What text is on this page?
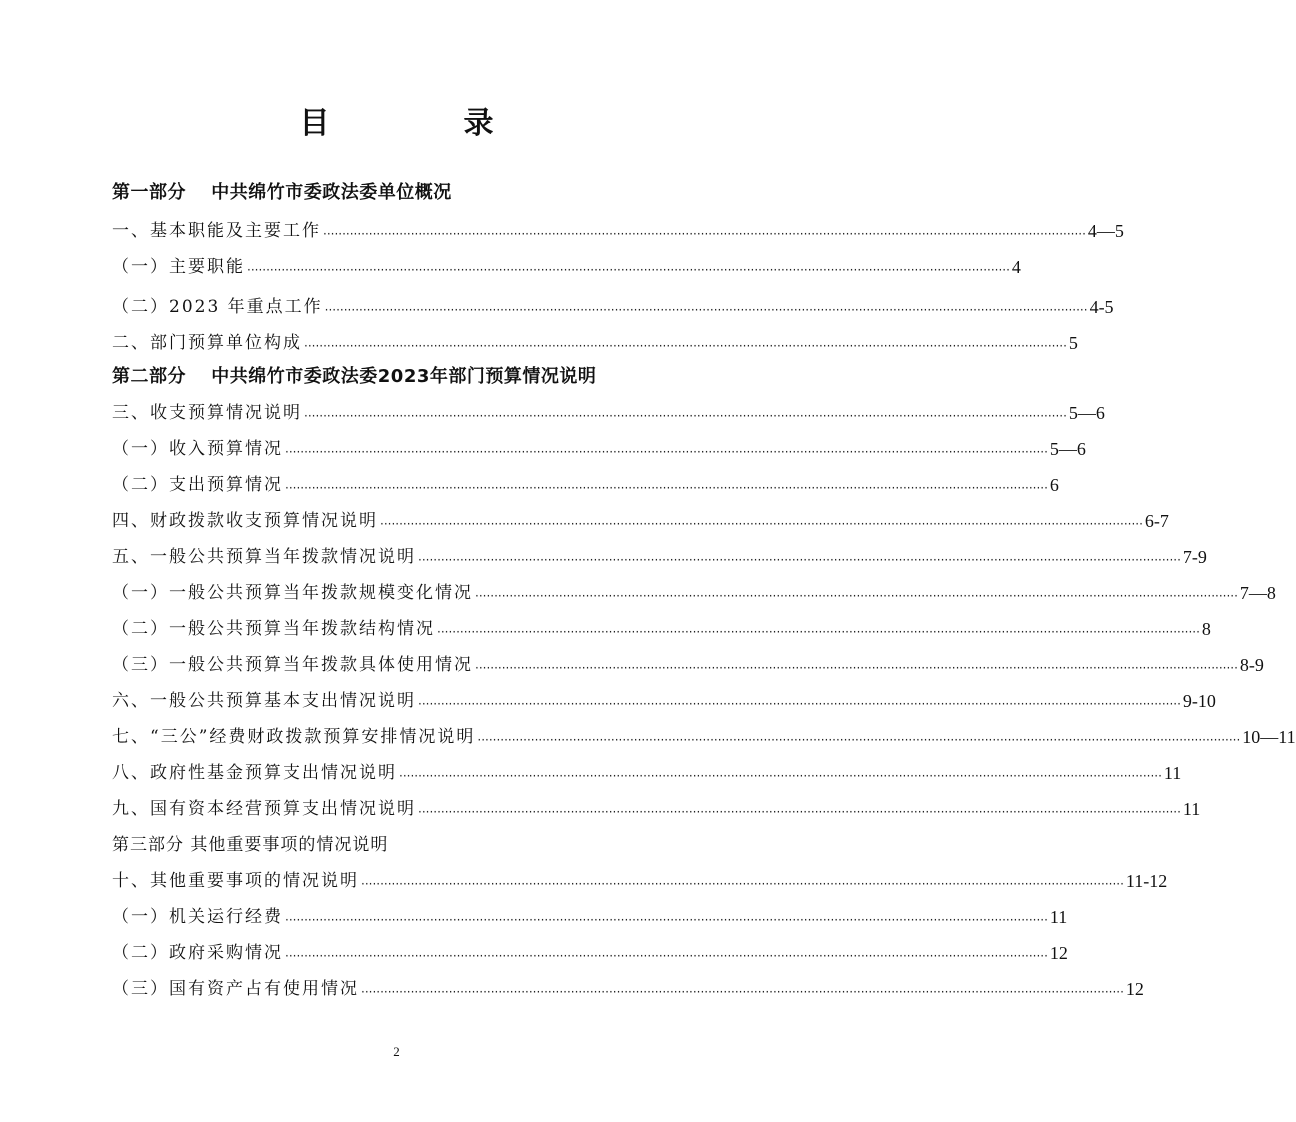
目　录
第一部分　 中共绵竹市委政法委单位概况
一、基本职能及主要工作 ········································································································································································································ 4—5
（一）主要职能 ········································································································································································································ 4
（二）2023 年重点工作 ········································································································································································································ 4-5
二、部门预算单位构成 ········································································································································································································ 5
第二部分　 中共绵竹市委政法委2023年部门预算情况说明
三、收支预算情况说明 ········································································································································································································ 5—6
（一）收入预算情况 ········································································································································································································ 5—6
（二）支出预算情况 ········································································································································································································ 6
四、财政拨款收支预算情况说明 ········································································································································································································ 6-7
五、一般公共预算当年拨款情况说明 ········································································································································································································ 7-9
（一）一般公共预算当年拨款规模变化情况 ········································································································································································································ 7—8
（二）一般公共预算当年拨款结构情况 ········································································································································································································ 8
（三）一般公共预算当年拨款具体使用情况 ········································································································································································································ 8-9
六、一般公共预算基本支出情况说明 ········································································································································································································ 9-10
七、“三公”经费财政拨款预算安排情况说明 ········································································································································································································ 10—11
八、政府性基金预算支出情况说明 ········································································································································································································ 11
九、国有资本经营预算支出情况说明 ········································································································································································································ 11
第三部分 其他重要事项的情况说明
十、其他重要事项的情况说明 ········································································································································································································ 11-12
（一）机关运行经费 ········································································································································································································ 11
（二）政府采购情况 ········································································································································································································ 12
（三）国有资产占有使用情况 ········································································································································································································ 12
2
